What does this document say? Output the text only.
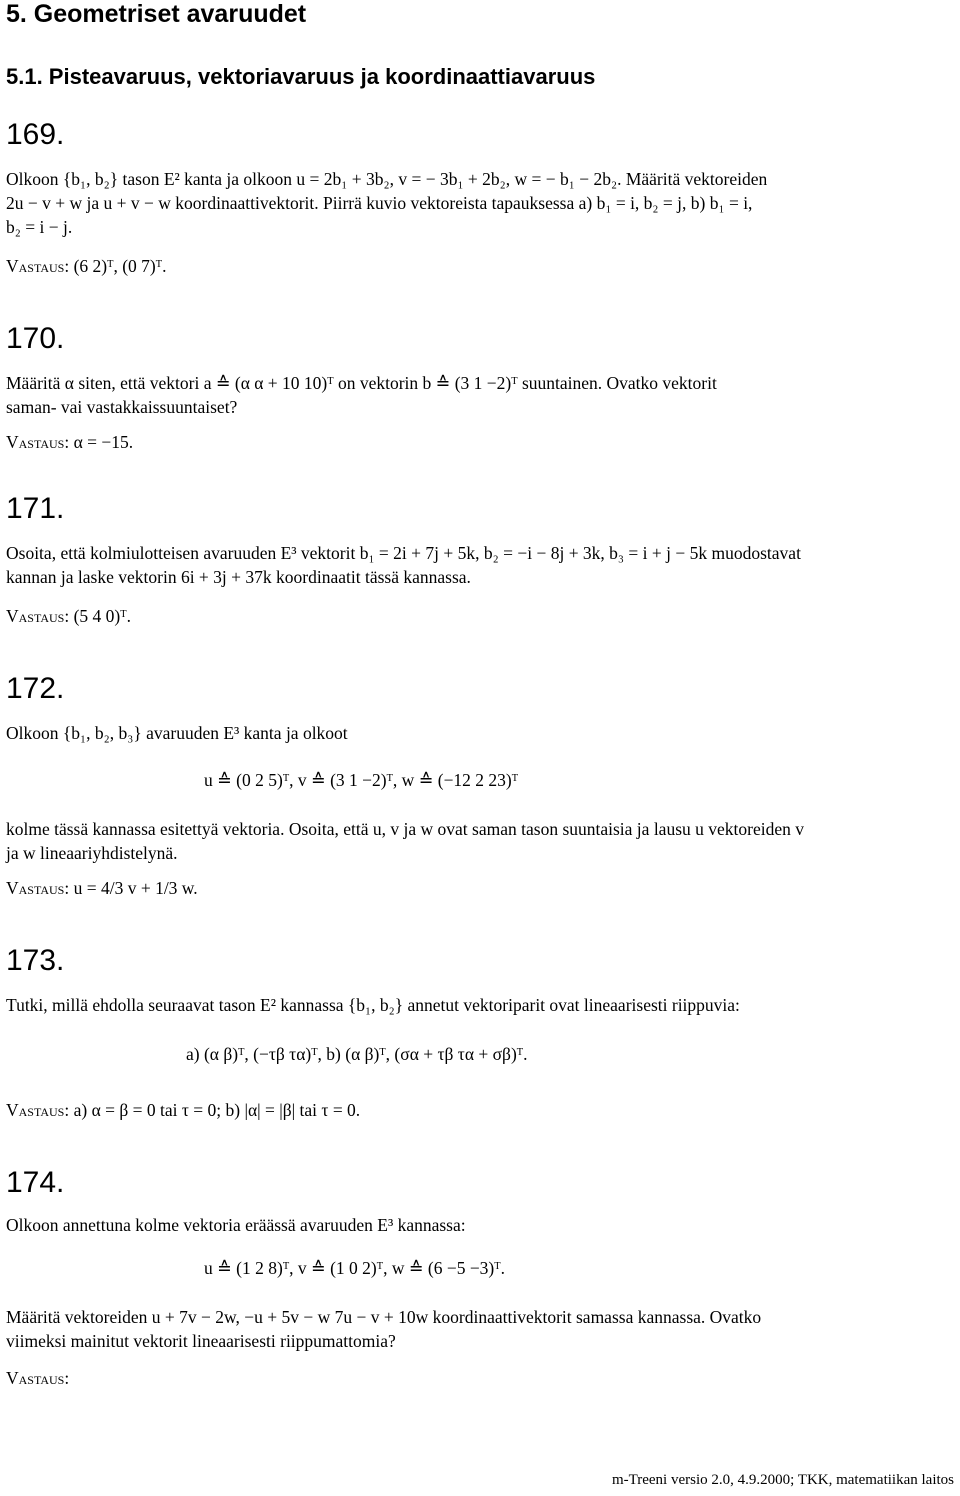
5. Geometriset avaruudet
5.1. Pisteavaruus, vektoriavaruus ja koordinaattiavaruus
169.
Olkoon {b₁, b₂} tason E² kanta ja olkoon u = 2b₁ + 3b₂, v = − 3b₁ + 2b₂, w = − b₁ − 2b₂. Määritä vektoreiden
2u − v + w ja u + v − w koordinaattivektorit. Piirrä kuvio vektoreista tapauksessa a) b₁ = i, b₂ = j, b) b₁ = i,
b₂ = i − j.
Vastaus: (6 2)ᵀ, (0 7)ᵀ.
170.
Määritä α siten, että vektori a ≙ (α α + 10 10)ᵀ on vektorin b ≙ (3 1 −2)ᵀ suuntainen. Ovatko vektorit
saman- vai vastakkaissuuntaiset?
Vastaus: α = −15.
171.
Osoita, että kolmiulotteisen avaruuden E³ vektorit b₁ = 2i + 7j + 5k, b₂ = −i − 8j + 3k, b₃ = i + j − 5k muodostavat
kannan ja laske vektorin 6i + 3j + 37k koordinaatit tässä kannassa.
Vastaus: (5 4 0)ᵀ.
172.
Olkoon {b₁, b₂, b₃} avaruuden E³ kanta ja olkoot
u ≙ (0 2 5)ᵀ, v ≙ (3 1 −2)ᵀ, w ≙ (−12 2 23)ᵀ
kolme tässä kannassa esitettyä vektoria. Osoita, että u, v ja w ovat saman tason suuntaisia ja lausu u vektoreiden v
ja w lineaariyhdistelynä.
Vastaus: u = 4/3 v + 1/3 w.
173.
Tutki, millä ehdolla seuraavat tason E² kannassa {b₁, b₂} annetut vektoriparit ovat lineaarisesti riippuvia:
a) (α β)ᵀ, (−τβ τα)ᵀ, b) (α β)ᵀ, (σα + τβ τα + σβ)ᵀ.
Vastaus: a) α = β = 0 tai τ = 0; b) |α| = |β| tai τ = 0.
174.
Olkoon annettuna kolme vektoria eräässä avaruuden E³ kannassa:
u ≙ (1 2 8)ᵀ, v ≙ (1 0 2)ᵀ, w ≙ (6 −5 −3)ᵀ.
Määritä vektoreiden u + 7v − 2w, −u + 5v − w 7u − v + 10w koordinaattivektorit samassa kannassa. Ovatko
viimeksi mainitut vektorit lineaarisesti riippumattomia?
Vastaus:
m-Treeni versio 2.0, 4.9.2000; TKK, matematiikan laitos
